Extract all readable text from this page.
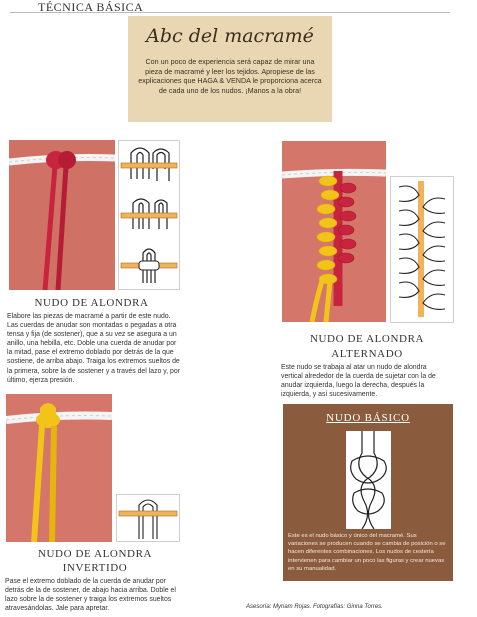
TÉCNICA BÁSICA
Abc del macramé
Con un poco de experiencia será capaz de mirar una pieza de macramé y leer los tejidos. Apropiese de las explicaciones que HAGA & VENDA le proporciona acerca de cada uno de los nudos. ¡Manos a la obra!
NUDO DE ALONDRA
Elabore las piezas de macramé a partir de este nudo. Las cuerdas de anudar son montadas o pegadas a otra tensa y fija (de sostener), que a su vez se asegura a un anillo, una hebilla, etc. Doble una cuerda de anudar por la mitad, pase el extremo doblado por detrás de la que sostiene, de arriba abajo. Traiga los extremos sueltos de la primera, sobre la de sostener y a través del lazo y, por último, ejerza presión.
NUDO DE ALONDRA
ALTERNADO
Este nudo se trabaja al atar un nudo de alondra vertical alrededor de la cuerda de sujetar con la de anudar izquierda, luego la derecha, después la izquierda, y así sucesivamente.
NUDO DE ALONDRA
INVERTIDO
Pase el extremo doblado de la cuerda de anudar por detrás de la de sostener, de abajo hacia arriba. Doble el lazo sobre la de sostener y traiga los extremos sueltos atravesándolas. Jale para apretar.
NUDO BÁSICO
Este es el nudo básico y único del macramé. Sus variaciones se producen cuando se cambia de posición o se hacen diferentes combinaciones. Los nudos de cestería intervienen para cambiar un poco las figuras y crear nuevas en su manualidad.
Asesoría: Myriam Rojas. Fotografías: Ginna Torres.
